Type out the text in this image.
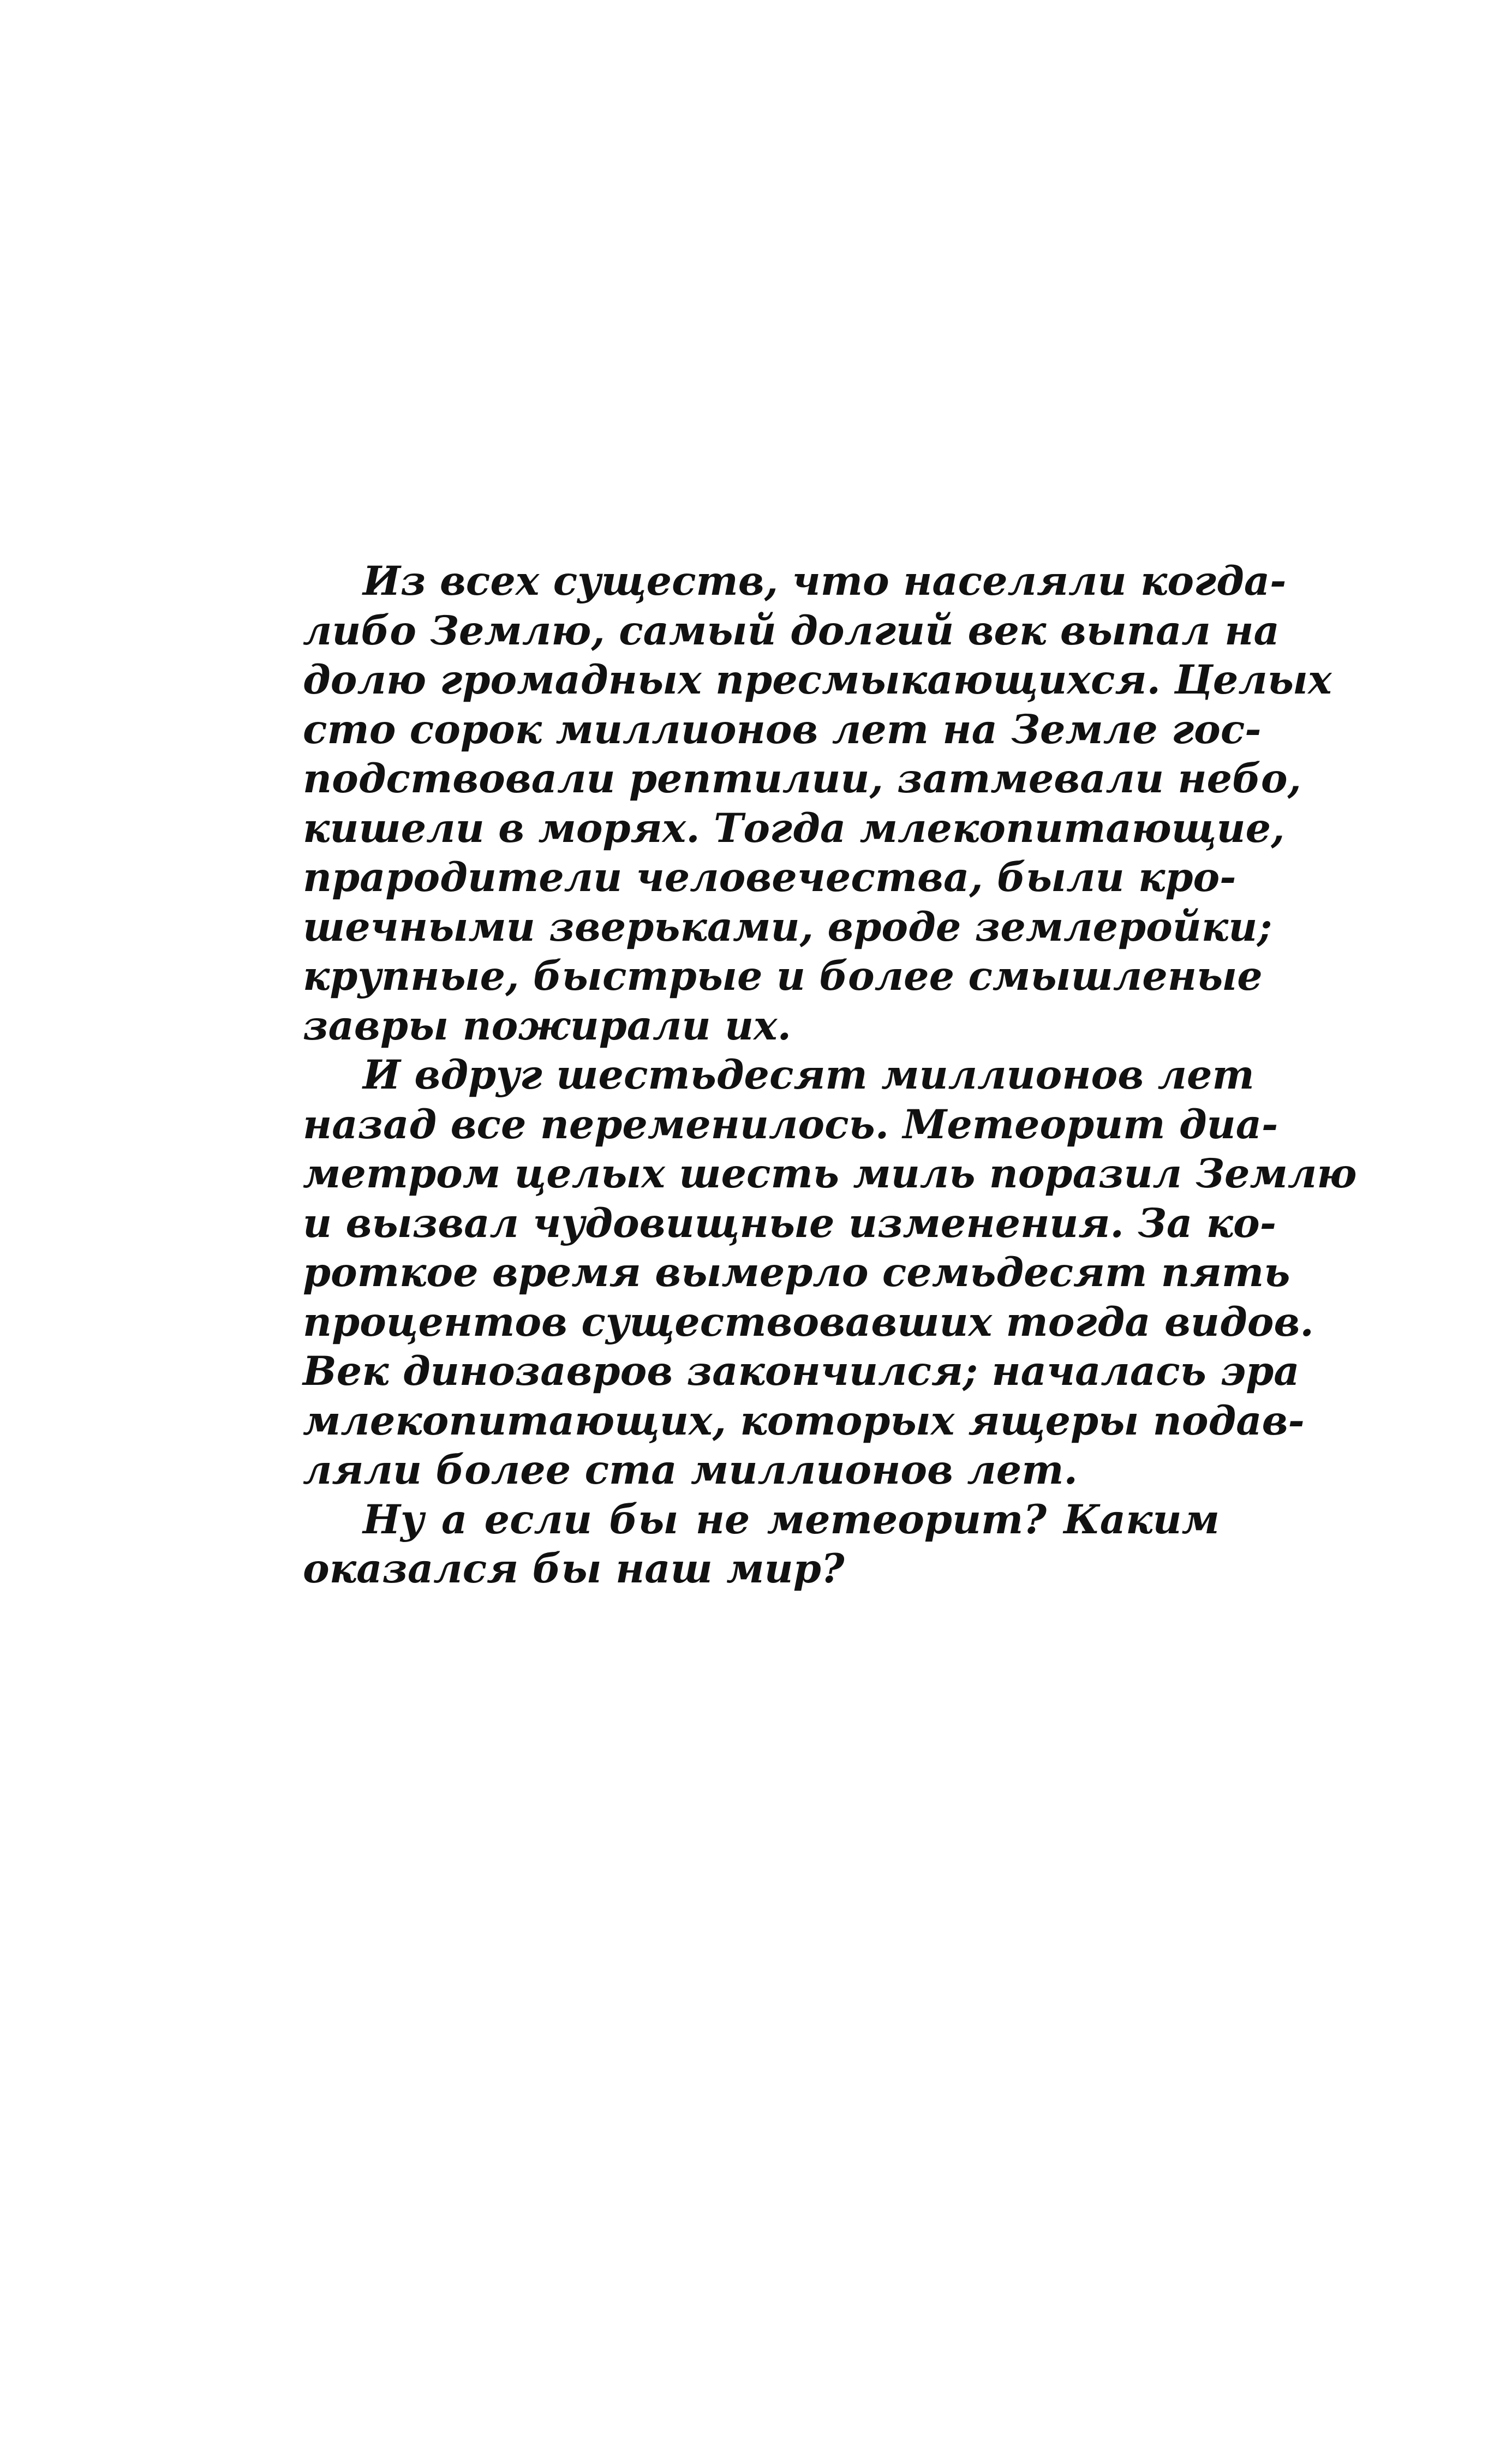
Из всех существ, что населяли когда-
либо Землю, самый долгий век выпал на
долю громадных пресмыкающихся. Целых
сто сорок миллионов лет на Земле гос-
подствовали рептилии, затмевали небо,
кишели в морях. Тогда млекопитающие,
прародители человечества, были кро-
шечными зверьками, вроде землеройки;
крупные, быстрые и более смышленые
завры пожирали их.
И вдруг шестьдесят миллионов лет
назад все переменилось. Метеорит диа-
метром целых шесть миль поразил Землю
и вызвал чудовищные изменения. За ко-
роткое время вымерло семьдесят пять
процентов существовавших тогда видов.
Век динозавров закончился; началась эра
млекопитающих, которых ящеры подав-
ляли более ста миллионов лет.
Ну а если бы не метеорит? Каким
оказался бы наш мир?
